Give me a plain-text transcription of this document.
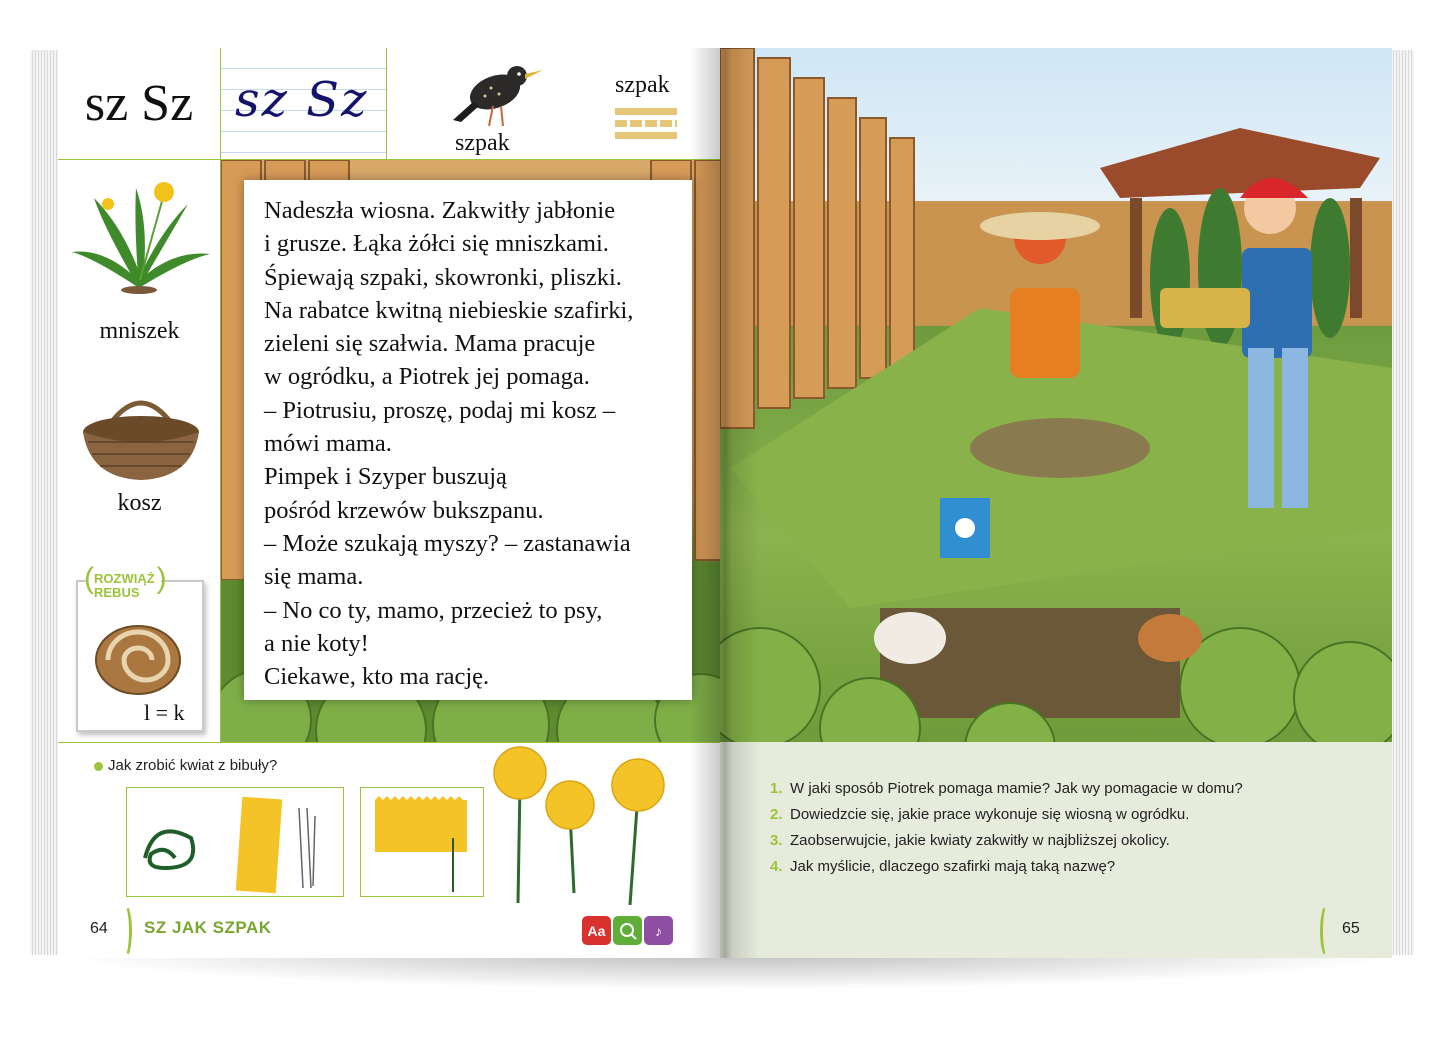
sz Sz sz Sz
szpak
szpak
mniszek
kosz
( ROZWIĄŻ
REBUS
)
l = k

Nadeszła wiosna. Zakwitły jabłonie
i grusze. Łąka żółci się mniszkami.
Śpiewają szpaki, skowronki, pliszki.
Na rabatce kwitną niebieskie szafirki,
zieleni się szałwia. Mama pracuje
w ogródku, a Piotrek jej pomaga.
– Piotrusiu, proszę, podaj mi kosz –
mówi mama.
Pimpek i Szyper buszują
pośród krzewów bukszpanu.
– Może szukają myszy? – zastanawia
się mama.
– No co ty, mamo, przecież to psy,
a nie koty!
Ciekawe, kto ma rację.

Jak zrobić kwiat z bibuły?
64 SZ JAK SZPAK	Aa	♪
1. W jaki sposób Piotrek pomaga mamie? Jak wy pomagacie w domu?
2. Dowiedzcie się, jakie prace wykonuje się wiosną w ogródku.
3. Zaobserwujcie, jakie kwiaty zakwitły w najbliższej okolicy.
4. Jak myślicie, dlaczego szafirki mają taką nazwę?
65
